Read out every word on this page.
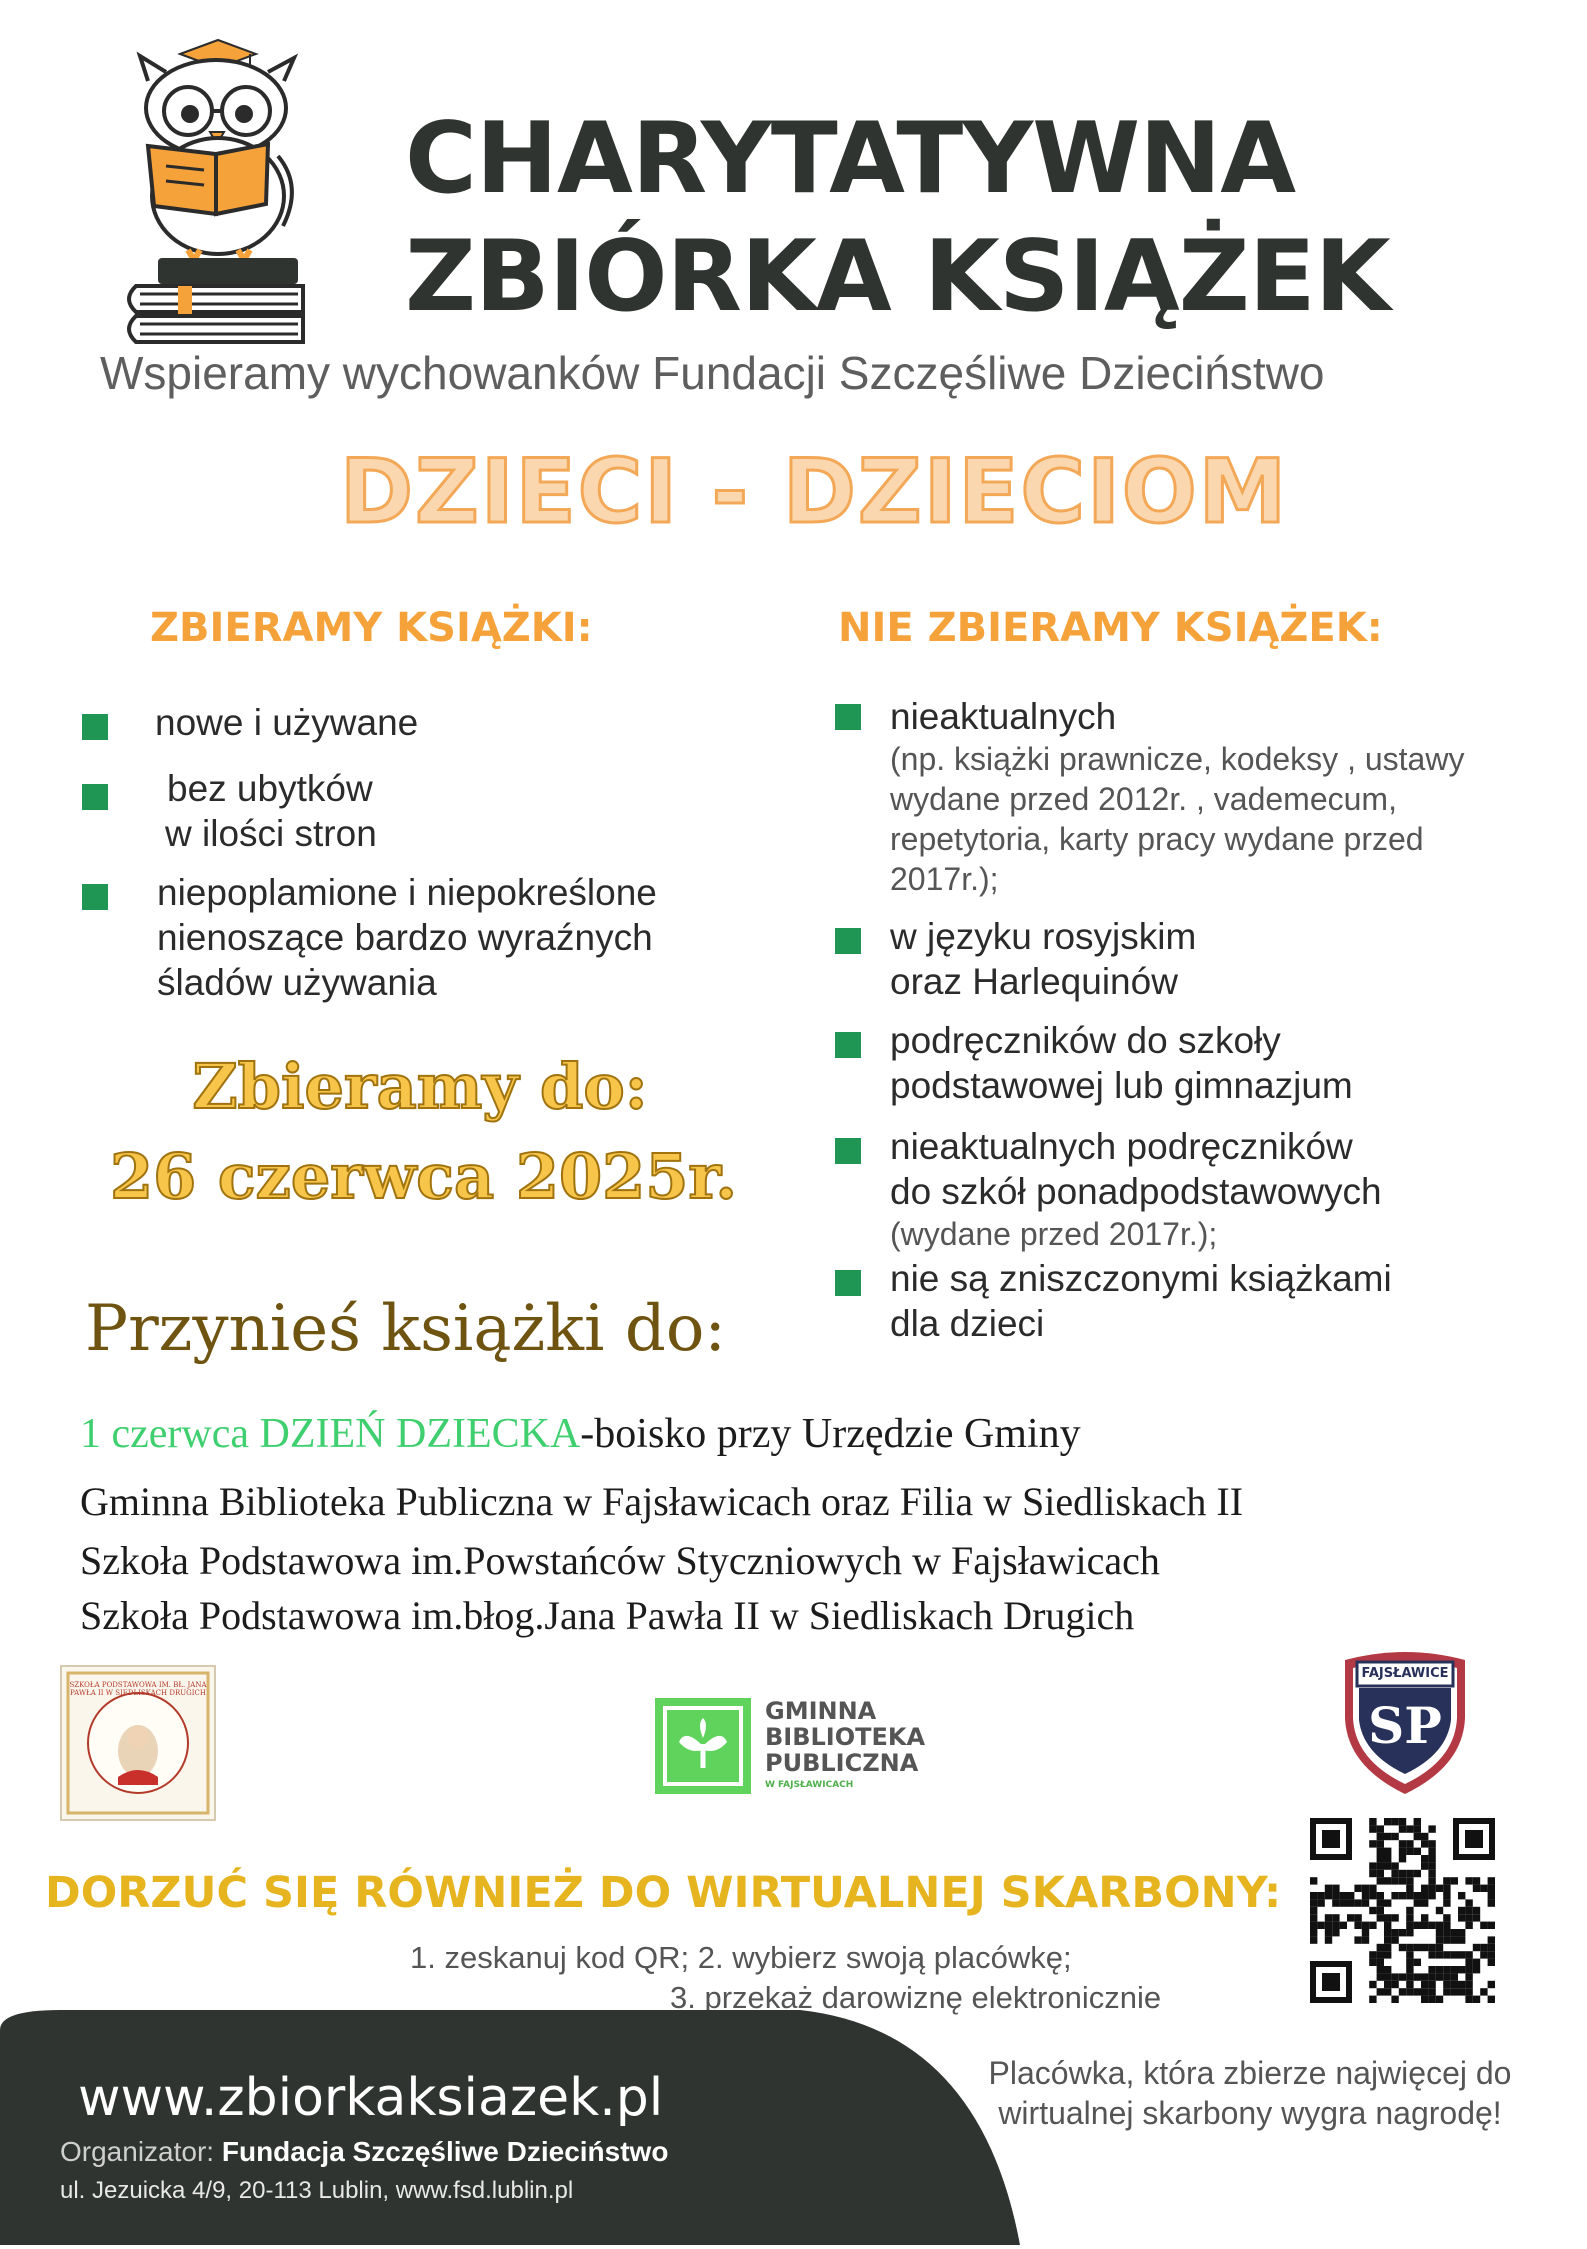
CHARYTATYWNA
ZBIÓRKA KSIĄŻEK
Wspieramy wychowanków Fundacji Szczęśliwe Dzieciństwo
DZIECI - DZIECIOM
ZBIERAMY KSIĄŻKI:	NIE ZBIERAMY KSIĄŻEK:
nowe i używane
bez ubytków
w ilości stron
niepoplamione i niepokreślone
nienoszące bardzo wyraźnych
śladów używania
nieaktualnych
(np. książki prawnicze, kodeksy , ustawy
wydane przed 2012r. , vademecum,
repetytoria, karty pracy wydane przed
2017r.);
w języku rosyjskim
oraz Harlequinów
podręczników do szkoły
podstawowej lub gimnazjum
nieaktualnych podręczników
do szkół ponadpodstawowych
(wydane przed 2017r.);
nie są zniszczonymi książkami
dla dzieci
Zbieramy do:
26 czerwca 2025r.
Przynieś książki do:
1 czerwca DZIEŃ DZIECKA-boisko przy Urzędzie Gminy
Gminna Biblioteka Publiczna w Fajsławicach oraz Filia w Siedliskach II
Szkoła Podstawowa im.Powstańców Styczniowych w Fajsławicach
Szkoła Podstawowa im.błog.Jana Pawła II w Siedliskach Drugich
SZKOŁA PODSTAWOWA IM. BŁ. JANA PAWŁA II W SIEDLISKACH DRUGICH
GMINNA
BIBLIOTEKA
PUBLICZNA
W FAJSŁAWICACH
FAJSŁAWICE
SP
DORZUĆ SIĘ RÓWNIEŻ DO WIRTUALNEJ SKARBONY:
1. zeskanuj kod QR; 2. wybierz swoją placówkę;
3. przekaż darowiznę elektronicznie
www.zbiorkaksiazek.pl
Organizator: Fundacja Szczęśliwe Dzieciństwo
ul. Jezuicka 4/9, 20-113 Lublin, www.fsd.lublin.pl
Placówka, która zbierze najwięcej do
wirtualnej skarbony wygra nagrodę!
